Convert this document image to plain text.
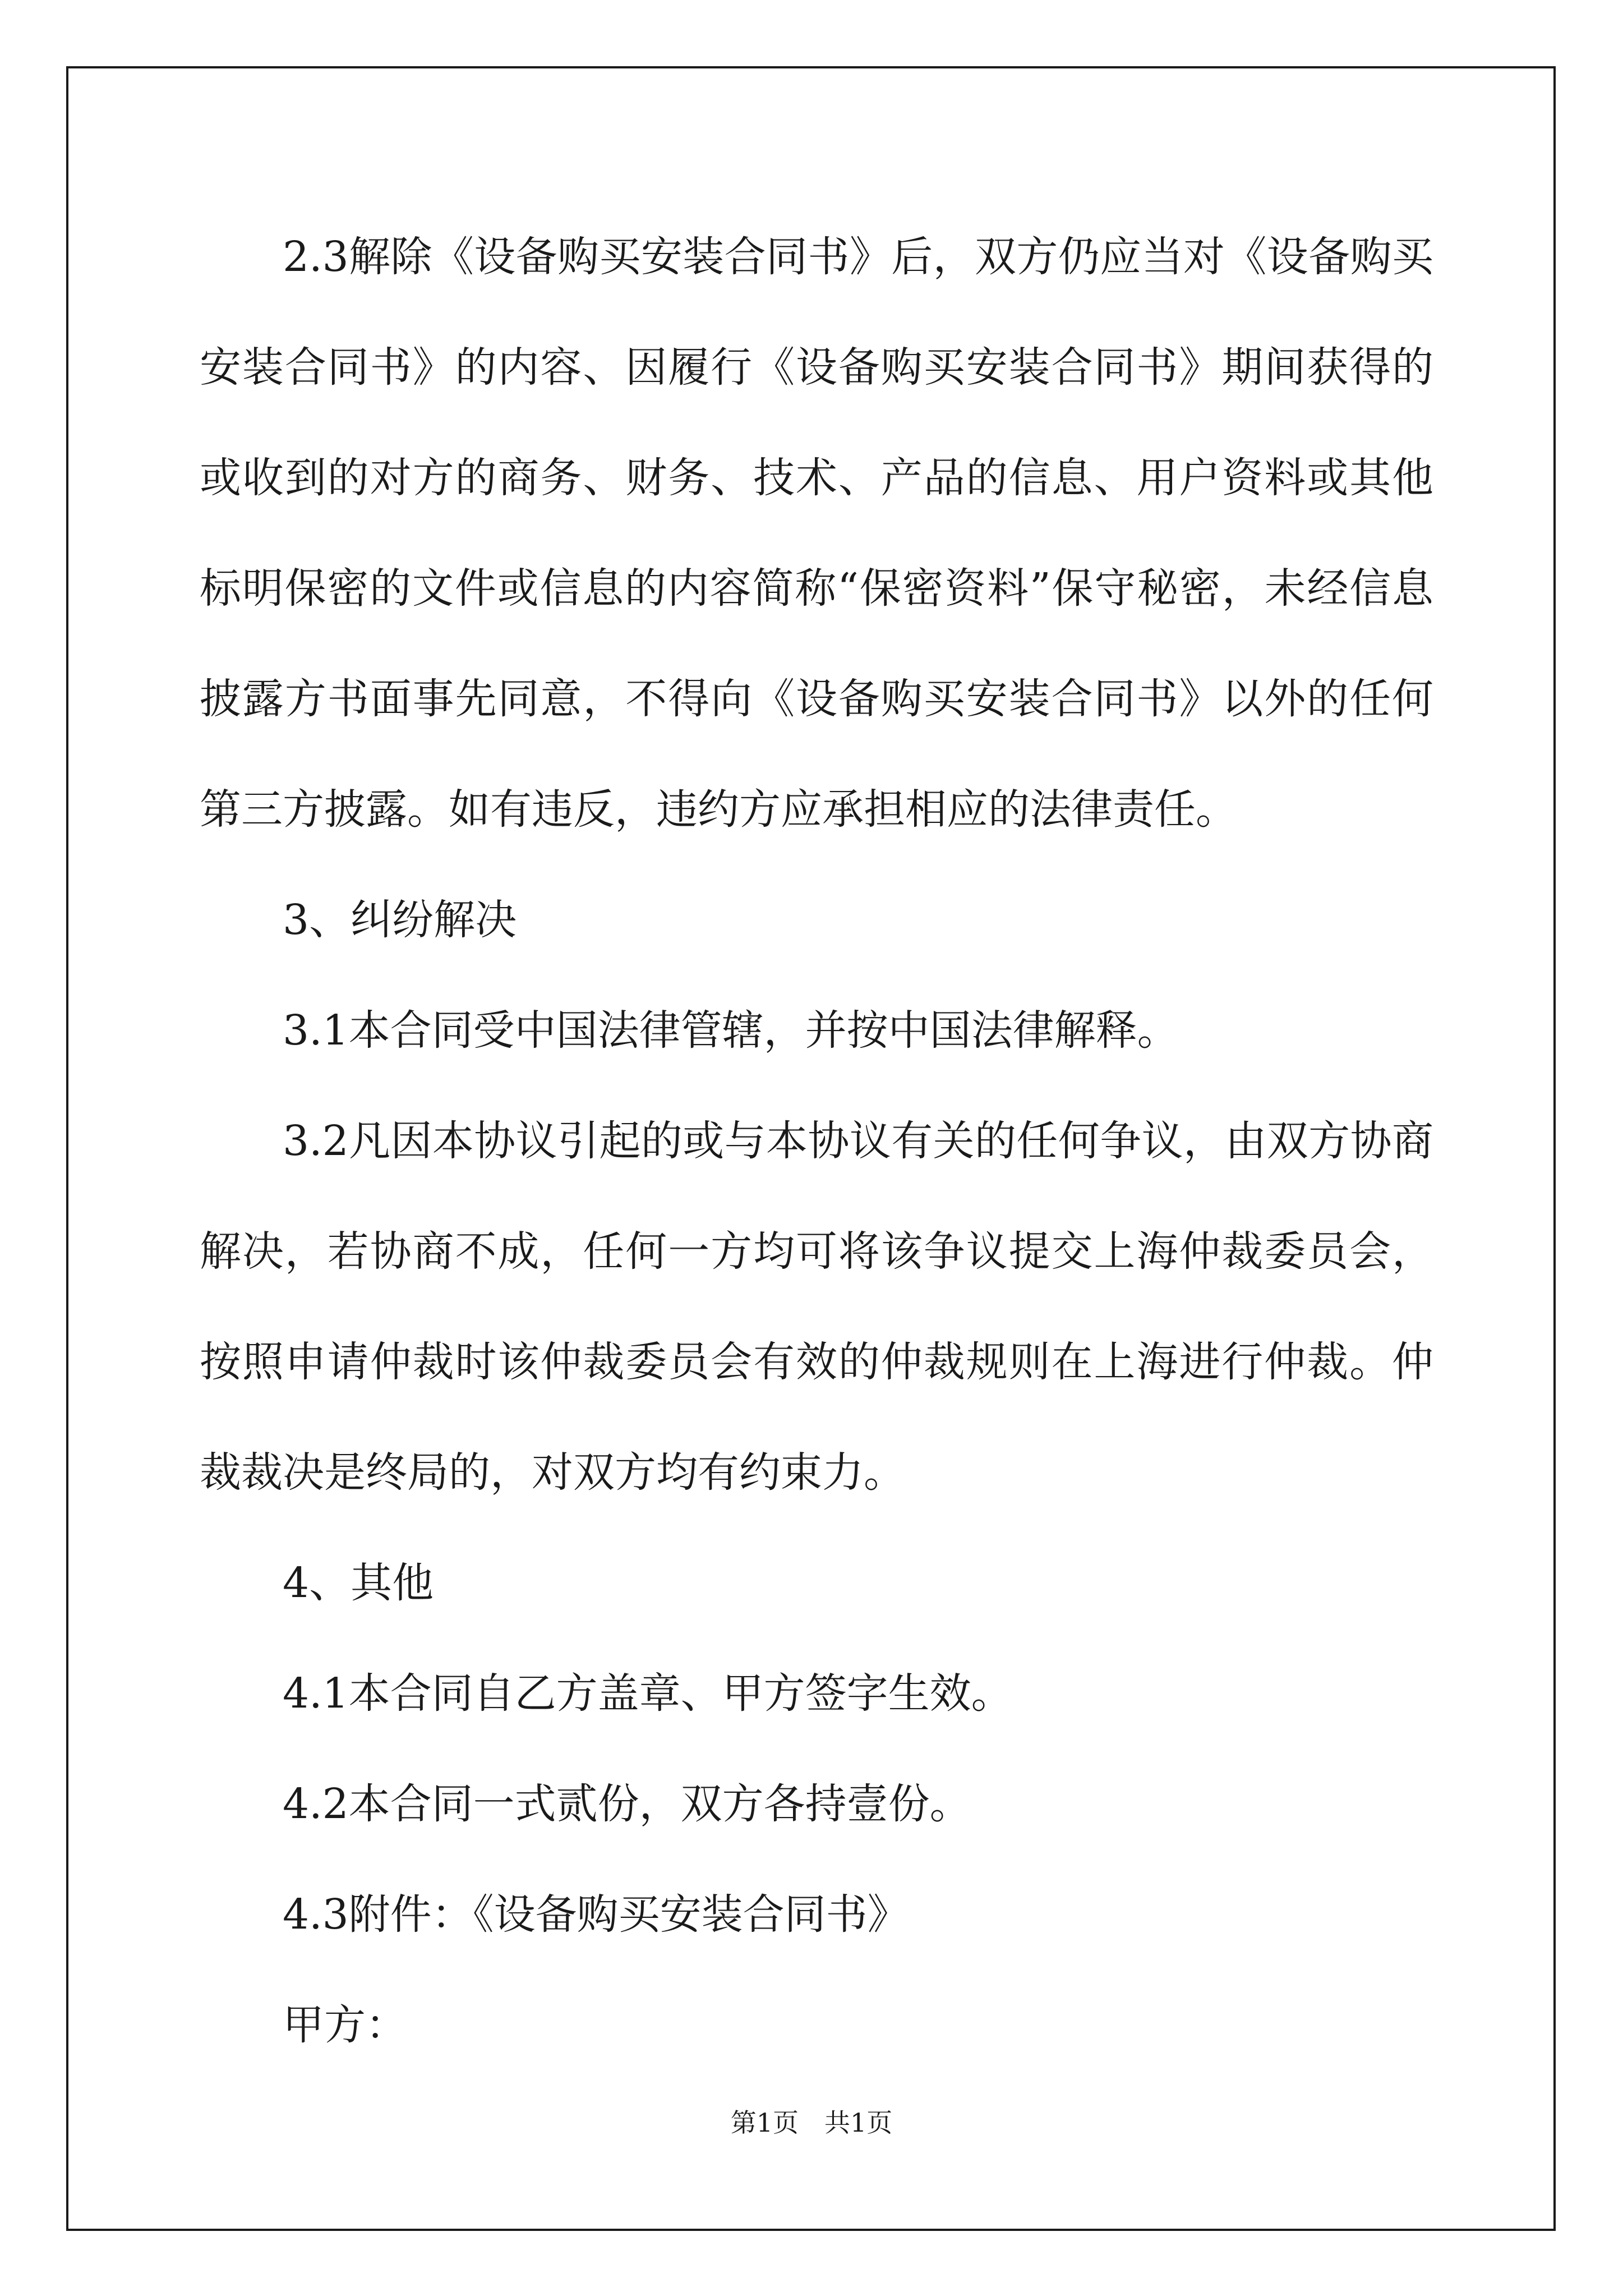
2.3解除《设备购买安装合同书》后，双方仍应当对《设备购买安装合同书》的内容、因履行《设备购买安装合同书》期间获得的或收到的对方的商务、财务、技术、产品的信息、用户资料或其他标明保密的文件或信息的内容简称“保密资料”保守秘密，未经信息披露方书面事先同意，不得向《设备购买安装合同书》以外的任何第三方披露。如有违反，违约方应承担相应的法律责任。

3、纠纷解决

3.1本合同受中国法律管辖，并按中国法律解释。

3.2凡因本协议引起的或与本协议有关的任何争议，由双方协商解决，若协商不成，任何一方均可将该争议提交上海仲裁委员会，按照申请仲裁时该仲裁委员会有效的仲裁规则在上海进行仲裁。仲裁裁决是终局的，对双方均有约束力。

4、其他

4.1本合同自乙方盖章、甲方签字生效。

4.2本合同一式贰份，双方各持壹份。

4.3附件：《设备购买安装合同书》

甲方：

第1页 共1页
